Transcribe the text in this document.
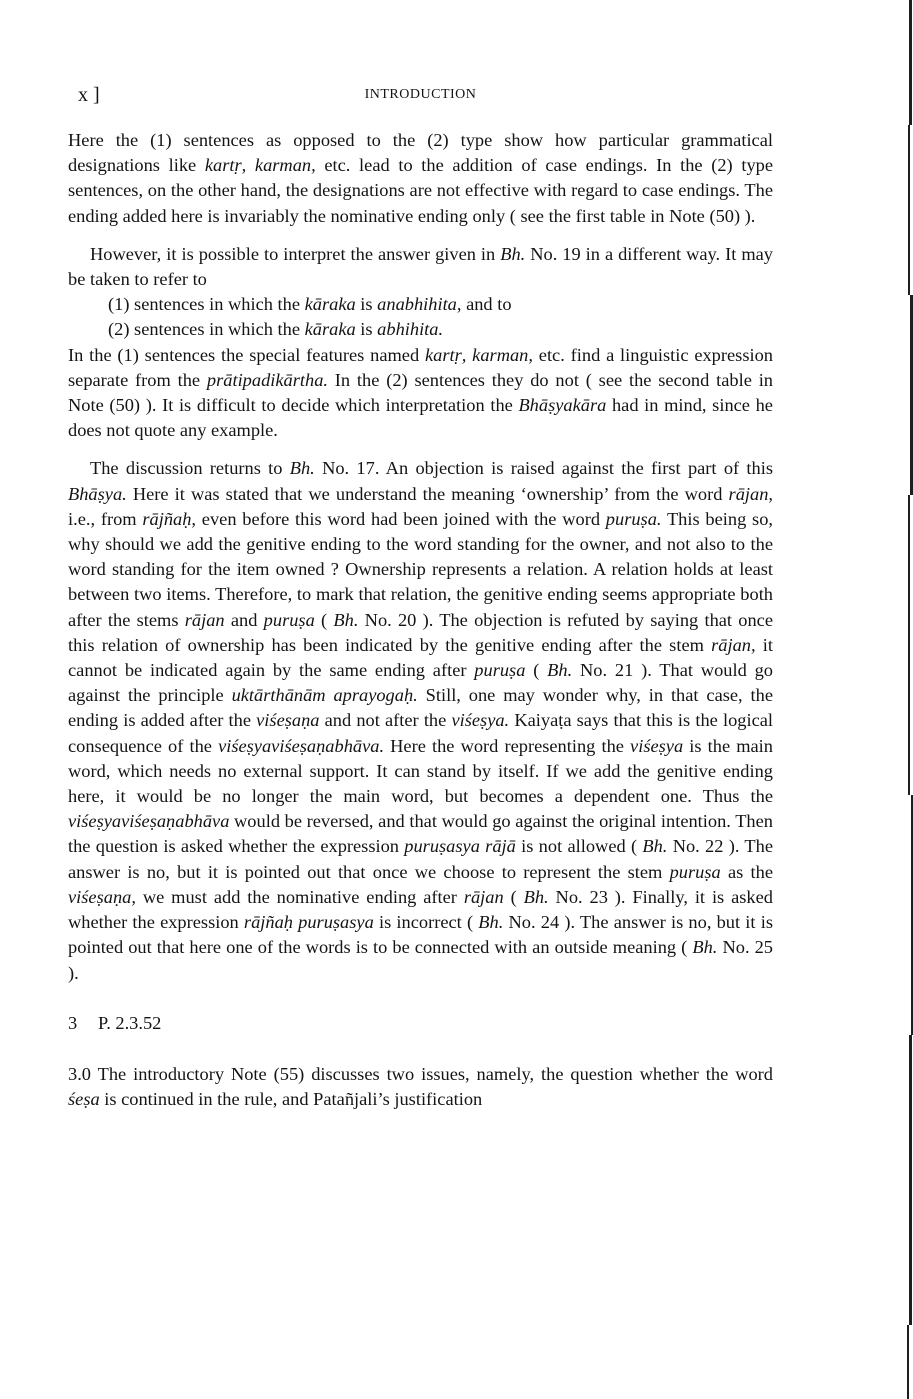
x ]	INTRODUCTION

Here the (1) sentences as opposed to the (2) type show how particular grammatical designations like kartṛ, karman, etc. lead to the addition of case endings. In the (2) type sentences, on the other hand, the designations are not effective with regard to case endings. The ending added here is invariably the nominative ending only ( see the first table in Note (50) ).

However, it is possible to interpret the answer given in Bh. No. 19 in a different way. It may be taken to refer to

(1) sentences in which the kāraka is anabhihita, and to

(2) sentences in which the kāraka is abhihita.

In the (1) sentences the special features named kartṛ, karman, etc. find a linguistic expression separate from the prātipadikārtha. In the (2) sentences they do not ( see the second table in Note (50) ). It is difficult to decide which interpretation the Bhāṣyakāra had in mind, since he does not quote any example.

The discussion returns to Bh. No. 17. An objection is raised against the first part of this Bhāṣya. Here it was stated that we understand the meaning ‘ownership’ from the word rājan, i.e., from rājñaḥ, even before this word had been joined with the word puruṣa. This being so, why should we add the genitive ending to the word standing for the owner, and not also to the word standing for the item owned ? Ownership represents a relation. A relation holds at least between two items. Therefore, to mark that relation, the genitive ending seems appropriate both after the stems rājan and puruṣa ( Bh. No. 20 ). The objection is refuted by saying that once this relation of ownership has been indicated by the genitive ending after the stem rājan, it cannot be indicated again by the same ending after puruṣa ( Bh. No. 21 ). That would go against the principle uktārthānām aprayogaḥ. Still, one may wonder why, in that case, the ending is added after the viśeṣaṇa and not after the viśeṣya. Kaiyaṭa says that this is the logical consequence of the viśeṣyaviśeṣaṇabhāva. Here the word representing the viśeṣya is the main word, which needs no external support. It can stand by itself. If we add the genitive ending here, it would be no longer the main word, but becomes a dependent one. Thus the viśeṣyaviśeṣaṇabhāva would be reversed, and that would go against the original intention. Then the question is asked whether the expression puruṣasya rājā is not allowed ( Bh. No. 22 ). The answer is no, but it is pointed out that once we choose to represent the stem puruṣa as the viśeṣaṇa, we must add the nominative ending after rājan ( Bh. No. 23 ). Finally, it is asked whether the expression rājñaḥ puruṣasya is incorrect ( Bh. No. 24 ). The answer is no, but it is pointed out that here one of the words is to be connected with an outside meaning ( Bh. No. 25 ).

3 P. 2.3.52

3.0 The introductory Note (55) discusses two issues, namely, the question whether the word śeṣa is continued in the rule, and Patañjali’s justification
